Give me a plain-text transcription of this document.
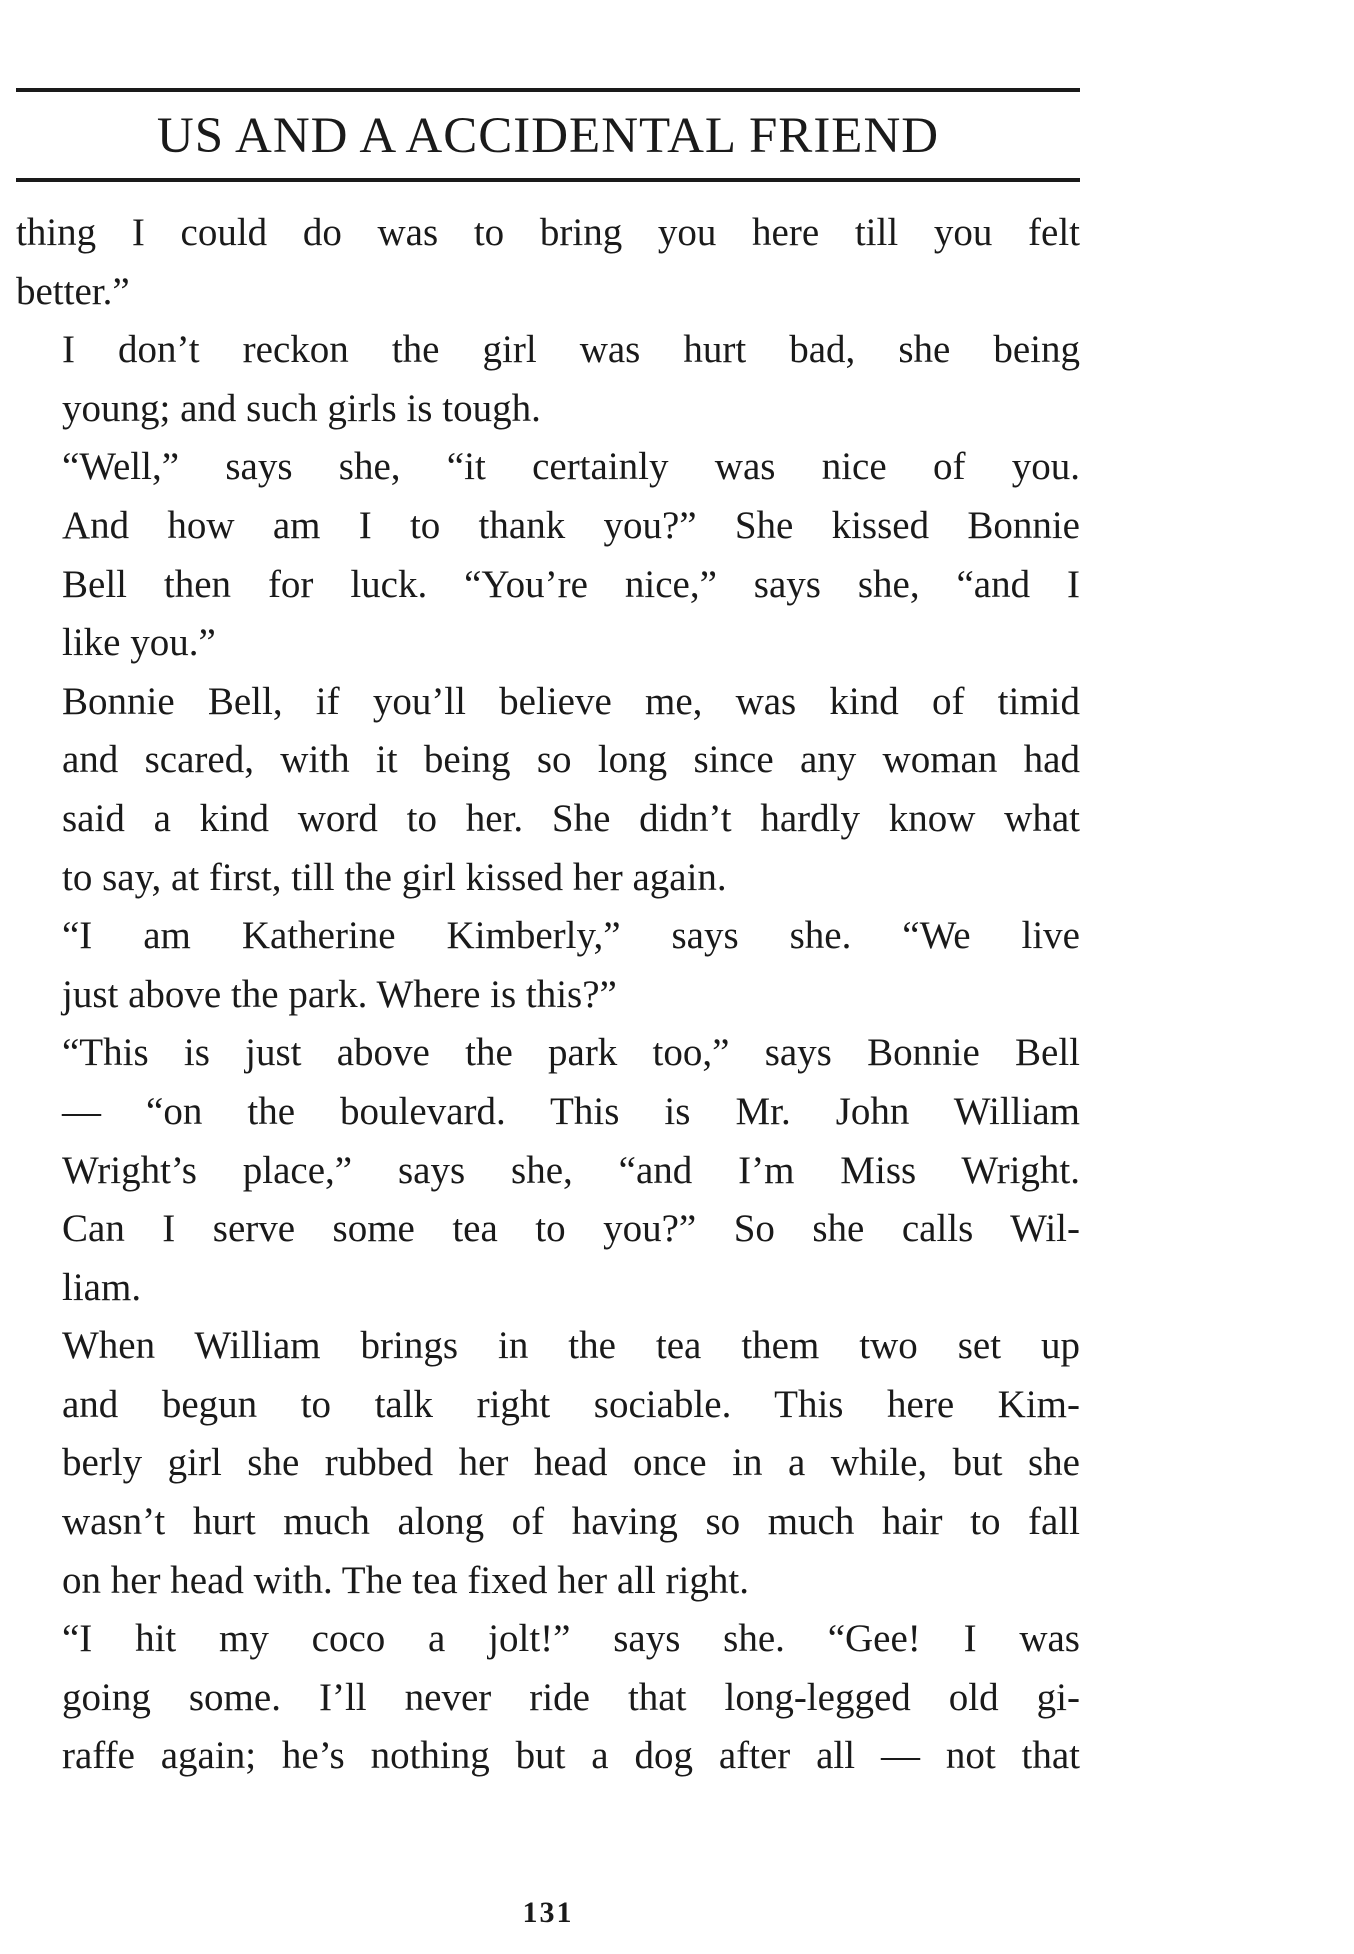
US AND A ACCIDENTAL FRIEND

thing I could do was to bring you here till you felt
better.”

I don’t reckon the girl was hurt bad, she being
young; and such girls is tough.

“Well,” says she, “it certainly was nice of you.
And how am I to thank you?” She kissed Bonnie
Bell then for luck. “You’re nice,” says she, “and I
like you.”

Bonnie Bell, if you’ll believe me, was kind of timid
and scared, with it being so long since any woman had
said a kind word to her. She didn’t hardly know what
to say, at first, till the girl kissed her again.

“I am Katherine Kimberly,” says she. “We live
just above the park. Where is this?”

“This is just above the park too,” says Bonnie Bell
— “on the boulevard. This is Mr. John William
Wright’s place,” says she, “and I’m Miss Wright.
Can I serve some tea to you?” So she calls Wil-
liam.

When William brings in the tea them two set up
and begun to talk right sociable. This here Kim-
berly girl she rubbed her head once in a while, but she
wasn’t hurt much along of having so much hair to fall
on her head with. The tea fixed her all right.

“I hit my coco a jolt!” says she. “Gee! I was
going some. I’ll never ride that long-legged old gi-
raffe again; he’s nothing but a dog after all — not that

131
